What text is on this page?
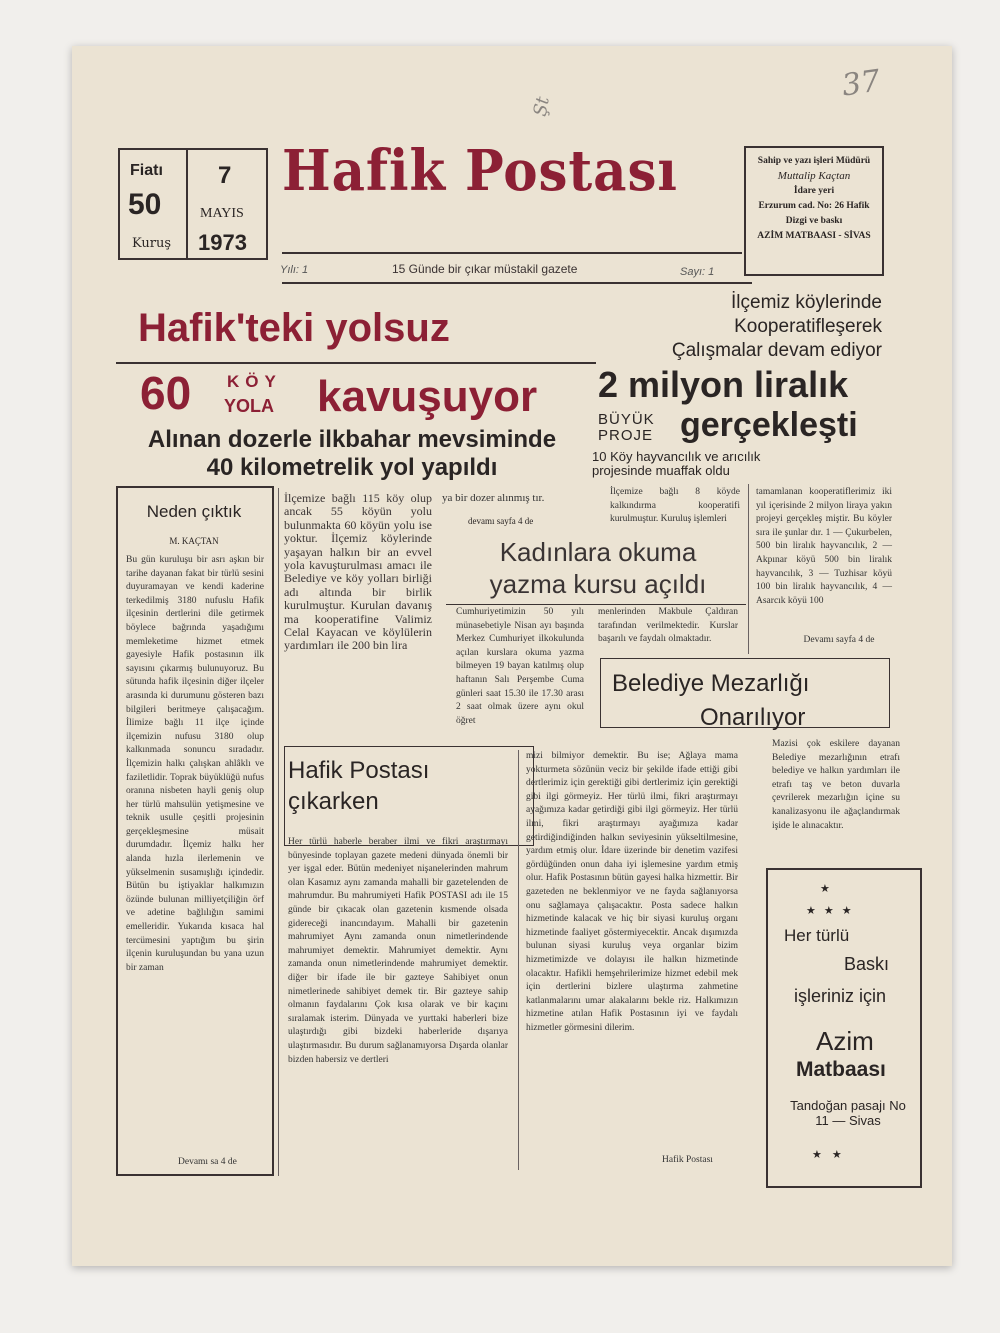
37
Şt
Fiatı
50
Kuruş
7
MAYIS
1973
Hafik Postası
Yılı: 1	15 Günde bir çıkar müstakil gazete	Sayı: 1
Sahip ve yazı işleri Müdürü
Muttalip Kaçtan
İdare yeri
Erzurum cad. No: 26 Hafik
Dizgi ve baskı
AZİM MATBAASI - SİVAS
Hafik'teki yolsuz
İlçemiz köylerinde
Kooperatifleşerek
Çalışmalar devam ediyor
60 KÖY
YOLA kavuşuyor
Alınan dozerle ilkbahar mevsiminde
40 kilometrelik yol yapıldı
2 milyon liralık
BÜYÜK
PROJE gerçekleşti
10 Köy hayvancılık ve arıcılık projesinde muaffak oldu
Neden çıktık
M. KAÇTAN
Bu gün kuruluşu bir asrı aşkın bir tarihe dayanan fakat bir türlü sesini duyuramayan ve kendi kaderine terkedilmiş 3180 nufuslu Hafik ilçesinin dertlerini dile getirmek böylece bağrında yaşadığımı memleketime hizmet etmek gayesiyle Hafik postasının ilk sayısını çıkarmış bulunuyoruz. Bu sütunda hafik ilçesinin diğer ilçeler arasında ki durumunu gösteren bazı bilgileri beritmeye çalışacağım. İlimize bağlı 11 ilçe içinde ilçemizin nufusu 3180 olup kalkınmada sonuncu sıradadır. İlçemizin halkı çalışkan ahlâklı ve faziletlidir. Toprak büyüklüğü nufus oranına nisbeten hayli geniş olup her türlü mahsulün yetişmesine ve teknik usulle çeşitli projesinin gerçekleşmesine müsait durumdadır. İlçemiz halkı her alanda hızla ilerlemenin ve yükselmenin susamışlığı içindedir. Bütün bu iştiyaklar halkımızın özünde bulunan milliyetçiliğin örf ve adetine bağlılığın samimi emelleridir. Yukarıda kısaca hal tercümesini yaptığım bu şirin ilçenin kuruluşundan bu yana uzun bir zaman
Devamı sa 4 de
İlçemize bağlı 115 köy olup ancak 55 köyün yolu bulunmakta 60 köyün yolu ise yoktur. İlçemiz köylerinde yaşayan halkın bir an evvel yola kavuşturulması amacı ile Belediye ve köy yolları birliği adı altında bir birlik kurulmuştur. Kurulan davanış ma kooperatifine Valimiz Celal Kayacan ve köylülerin yardımları ile 200 bin lira
ya bir dozer alınmış tır.
devamı sayfa 4 de
İlçemize bağlı 8 köyde kalkındırma kooperatifi kurulmuştur. Kuruluş işlemleri
tamamlanan kooperatiflerimiz iki yıl içerisinde 2 milyon liraya yakın projeyi gerçekleş miştir. Bu köyler sıra ile şunlar dır. 1 — Çukurbelen, 500 bin liralık hayvancılık, 2 — Akpınar köyü 500 bin liralık hayvancılık, 3 — Tuzhisar köyü 100 bin liralık hayvancılık, 4 — Asarcık köyü 100
Devamı sayfa 4 de
Kadınlara okuma
yazma kursu açıldı
Cumhuriyetimizin 50 yılı münasebetiyle Nisan ayı başında Merkez Cumhuriyet ilkokulunda açılan kurslara okuma yazma bilmeyen 19 bayan katılmış olup haftanın Salı Perşembe Cuma günleri saat 15.30 ile 17.30 arası 2 saat olmak üzere aynı okul öğret
menlerinden Makbule Çaldıran tarafından verilmektedir. Kurslar başarılı ve faydalı olmaktadır.
Belediye Mezarlığı
Onarılıyor
Mazisi çok eskilere dayanan Belediye mezarlığının etrafı belediye ve halkın yardımları ile etrafı taş ve beton duvarla çevrilerek mezarlığın içine su kanalizasyonu ile ağaçlandırmak işide le alınacaktır.
Hafik Postası
çıkarken
Her türlü haberle beraber ilmi ve fikri araştırmayı bünyesinde toplayan gazete medeni dünyada önemli bir yer işgal eder. Bütün medeniyet nişanelerinden mahrum olan Kasamız aynı zamanda mahalli bir gazetelenden de mahrumdur. Bu mahrumiyeti Hafik POSTASI adı ile 15 günde bir çıkacak olan gazetenin kısmende olsada gidereceği inancındayım. Mahalli bir gazetenin mahrumiyet Aynı zamanda onun nimetlerindende mahrumiyet demektir. Mahrumiyet demektir. Aynı zamanda onun nimetlerindende mahrumiyet demektir. diğer bir ifade ile bir gazteye Sahibiyet onun nimetlerinede sahibiyet demek tir. Bir gazteye sahip olmanın faydalarını Çok kısa olarak ve bir kaçını sıralamak isterim. Dünyada ve yurttaki haberleri bize ulaştırdığı gibi bizdeki haberleride dışarıya ulaştırmasıdır. Bu durum sağlanamıyorsa Dışarda olanlar bizden habersiz ve dertleri
mizi bilmiyor demektir. Bu ise; Ağlaya mama yokturmeta sözünün veciz bir şekilde ifade ettiği gibi dertlerimiz için gerektiği gibi dertlerimiz için gerektiği gibi ilgi görmeyiz. Her türlü ilmi, fikri araştırmayı ayağımıza kadar getirdiği gibi ilgi görmeyiz. Her türlü ilmi, fikri araştırmayı ayağımıza kadar getirdiğindiğinden halkın seviyesinin yükseltilmesine, yardım etmiş olur. İdare üzerinde bir denetim vazifesi gördüğünden onun daha iyi işlemesine yardım etmiş olur. Hafik Postasının bütün gayesi halka hizmettir. Bir gazeteden ne beklenmiyor ve ne fayda sağlanıyorsa onu sağlamaya çalışacaktır. Posta sadece halkın hizmetinde kalacak ve hiç bir siyasi kuruluş organı hizmetinde faaliyet göstermiyecektir. Ancak dışımızda bulunan siyasi kuruluş veya organlar bizim hizmetimizde ve dolayısı ile halkın hizmetinde olacaktır. Hafikli hemşehrilerimize hizmet edebil mek için dertlerini bizlere ulaştırma zahmetine katlanmalarını umar alakalarını bekle riz. Halkımızın hizmetine atılan Hafik Postasının iyi ve faydalı hizmetler görmesini dilerim.
Hafik Postası
★
★★★
Her türlü
Baskı
işleriniz için
Azim
Matbaası
Tandoğan pasajı No 11 — Sivas
★★
